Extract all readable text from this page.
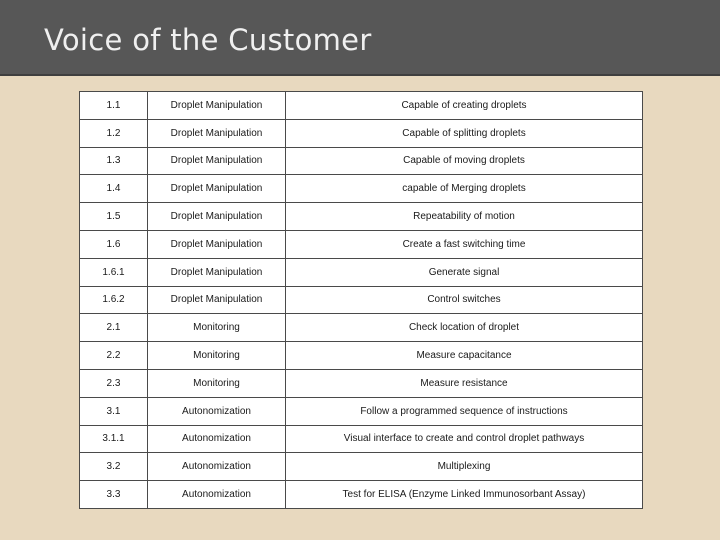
Voice of the Customer
1.1	Droplet Manipulation	Capable of creating droplets
1.2	Droplet Manipulation	Capable of splitting droplets
1.3	Droplet Manipulation	Capable of moving droplets
1.4	Droplet Manipulation	capable of Merging droplets
1.5	Droplet Manipulation	Repeatability of motion
1.6	Droplet Manipulation	Create a fast switching time
1.6.1	Droplet Manipulation	Generate signal
1.6.2	Droplet Manipulation	Control switches
2.1	Monitoring	Check location of droplet
2.2	Monitoring	Measure capacitance
2.3	Monitoring	Measure resistance
3.1	Autonomization	Follow a programmed sequence of instructions
3.1.1	Autonomization	Visual interface to create and control droplet pathways
3.2	Autonomization	Multiplexing
3.3	Autonomization	Test for ELISA (Enzyme Linked Immunosorbant Assay)
